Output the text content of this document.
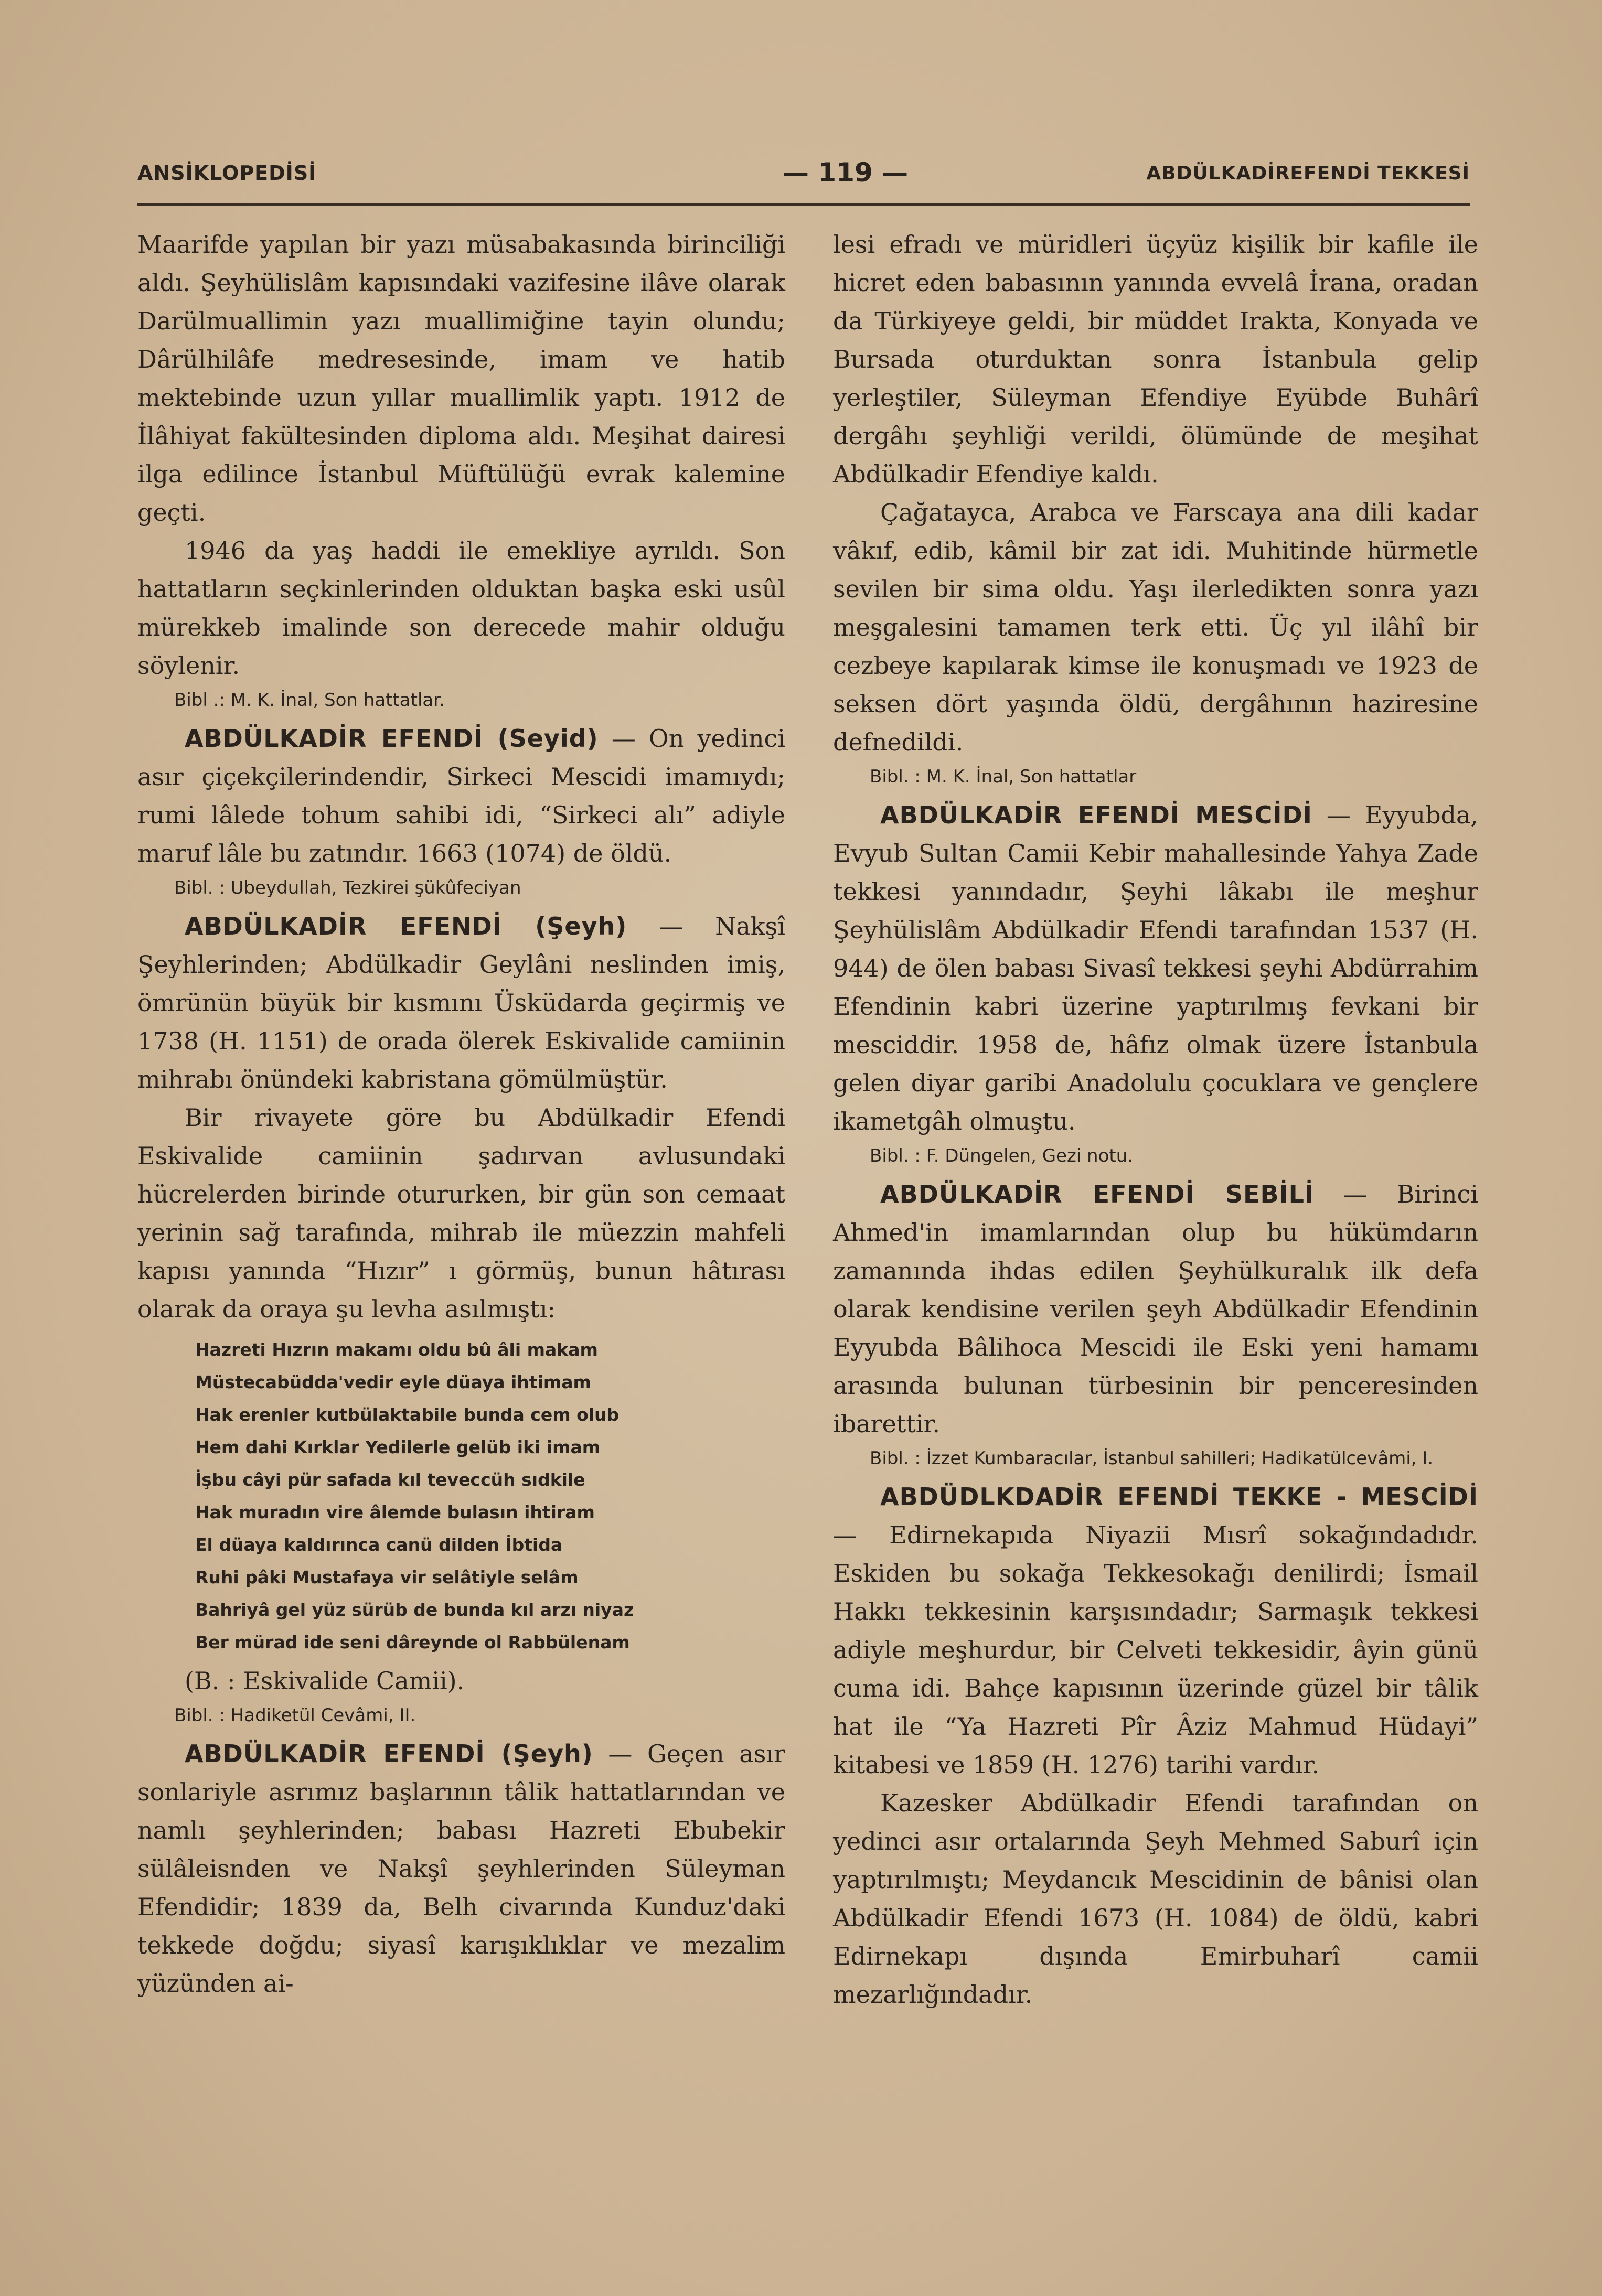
ANSİKLOPEDİSİ	— 119 —	ABDÜLKADİREFENDİ TEKKESİ

Maarifde yapılan bir yazı müsabakasında birinciliği aldı. Şeyhülislâm kapısındaki vazifesine ilâve olarak Darülmuallimin yazı muallimiğine tayin olundu; Dârülhilâfe medresesinde, imam ve hatib mektebinde uzun yıllar muallimlik yaptı. 1912 de İlâhiyat fakültesinden diploma aldı. Meşihat dairesi ilga edilince İstanbul Müftülüğü evrak kalemine geçti.

1946 da yaş haddi ile emekliye ayrıldı. Son hattatların seçkinlerinden olduktan başka eski usûl mürekkeb imalinde son derecede mahir olduğu söylenir.

Bibl .: M. K. İnal, Son hattatlar.

ABDÜLKADİR EFENDİ (Seyid) — On yedinci asır çiçekçilerindendir, Sirkeci Mescidi imamıydı; rumi lâlede tohum sahibi idi, “Sirkeci alı” adiyle maruf lâle bu zatındır. 1663 (1074) de öldü.

Bibl. : Ubeydullah, Tezkirei şükûfeciyan

ABDÜLKADİR EFENDİ (Şeyh) — Nakşî Şeyhlerinden; Abdülkadir Geylâni neslinden imiş, ömrünün büyük bir kısmını Üsküdarda geçirmiş ve 1738 (H. 1151) de orada ölerek Eskivalide camiinin mihrabı önündeki kabristana gömülmüştür.

Bir rivayete göre bu Abdülkadir Efendi Eskivalide camiinin şadırvan avlusundaki hücrelerden birinde otururken, bir gün son cemaat yerinin sağ tarafında, mihrab ile müezzin mahfeli kapısı yanında “Hızır” ı görmüş, bunun hâtırası olarak da oraya şu levha asılmıştı:

Hazreti Hızrın makamı oldu bû âli makam
Müstecabüdda'vedir eyle düaya ihtimam
Hak erenler kutbülaktabile bunda cem olub
Hem dahi Kırklar Yedilerle gelüb iki imam
İşbu câyi pür safada kıl teveccüh sıdkile
Hak muradın vire âlemde bulasın ihtiram
El düaya kaldırınca canü dilden İbtida
Ruhi pâki Mustafaya vir selâtiyle selâm
Bahriyâ gel yüz sürüb de bunda kıl arzı niyaz
Ber mürad ide seni dâreynde ol Rabbülenam

(B. : Eskivalide Camii).

Bibl. : Hadiketül Cevâmi, II.

ABDÜLKADİR EFENDİ (Şeyh) — Geçen asır sonlariyle asrımız başlarının tâlik hattatlarından ve namlı şeyhlerinden; babası Hazreti Ebubekir sülâleisnden ve Nakşî şeyhlerinden Süleyman Efendidir; 1839 da, Belh civarında Kunduz'daki tekkede doğdu; siyasî karışıklıklar ve mezalim yüzünden ai-

lesi efradı ve müridleri üçyüz kişilik bir kafile ile hicret eden babasının yanında evvelâ İrana, oradan da Türkiyeye geldi, bir müddet Irakta, Konyada ve Bursada oturduktan sonra İstanbula gelip yerleştiler, Süleyman Efendiye Eyübde Buhârî dergâhı şeyhliği verildi, ölümünde de meşihat Abdülkadir Efendiye kaldı.

Çağatayca, Arabca ve Farscaya ana dili kadar vâkıf, edib, kâmil bir zat idi. Muhitinde hürmetle sevilen bir sima oldu. Yaşı ilerledikten sonra yazı meşgalesini tamamen terk etti. Üç yıl ilâhî bir cezbeye kapılarak kimse ile konuşmadı ve 1923 de seksen dört yaşında öldü, dergâhının haziresine defnedildi.

Bibl. : M. K. İnal, Son hattatlar

ABDÜLKADİR EFENDİ MESCİDİ — Eyyubda, Evyub Sultan Camii Kebir mahallesinde Yahya Zade tekkesi yanındadır, Şeyhi lâkabı ile meşhur Şeyhülislâm Abdülkadir Efendi tarafından 1537 (H. 944) de ölen babası Sivasî tekkesi şeyhi Abdürrahim Efendinin kabri üzerine yaptırılmış fevkani bir mesciddir. 1958 de, hâfız olmak üzere İstanbula gelen diyar garibi Anadolulu çocuklara ve gençlere ikametgâh olmuştu.

Bibl. : F. Düngelen, Gezi notu.

ABDÜLKADİR EFENDİ SEBİLİ — Birinci Ahmed'in imamlarından olup bu hükümdarın zamanında ihdas edilen Şeyhülkuralık ilk defa olarak kendisine verilen şeyh Abdülkadir Efendinin Eyyubda Bâlihoca Mescidi ile Eski yeni hamamı arasında bulunan türbesinin bir penceresinden ibarettir.

Bibl. : İzzet Kumbaracılar, İstanbul sahilleri; Hadikatülcevâmi, I.

ABDÜDLKDADİR EFENDİ TEKKE - MESCİDİ — Edirnekapıda Niyazii Mısrî sokağındadıdr. Eskiden bu sokağa Tekkesokağı denilirdi; İsmail Hakkı tekkesinin karşısındadır; Sarmaşık tekkesi adiyle meşhurdur, bir Celveti tekkesidir, âyin günü cuma idi. Bahçe kapısının üzerinde güzel bir tâlik hat ile “Ya Hazreti Pîr Âziz Mahmud Hüdayi” kitabesi ve 1859 (H. 1276) tarihi vardır.

Kazesker Abdülkadir Efendi tarafından on yedinci asır ortalarında Şeyh Mehmed Saburî için yaptırılmıştı; Meydancık Mescidinin de bânisi olan Abdülkadir Efendi 1673 (H. 1084) de öldü, kabri Edirnekapı dışında Emirbuharî camii mezarlığındadır.
